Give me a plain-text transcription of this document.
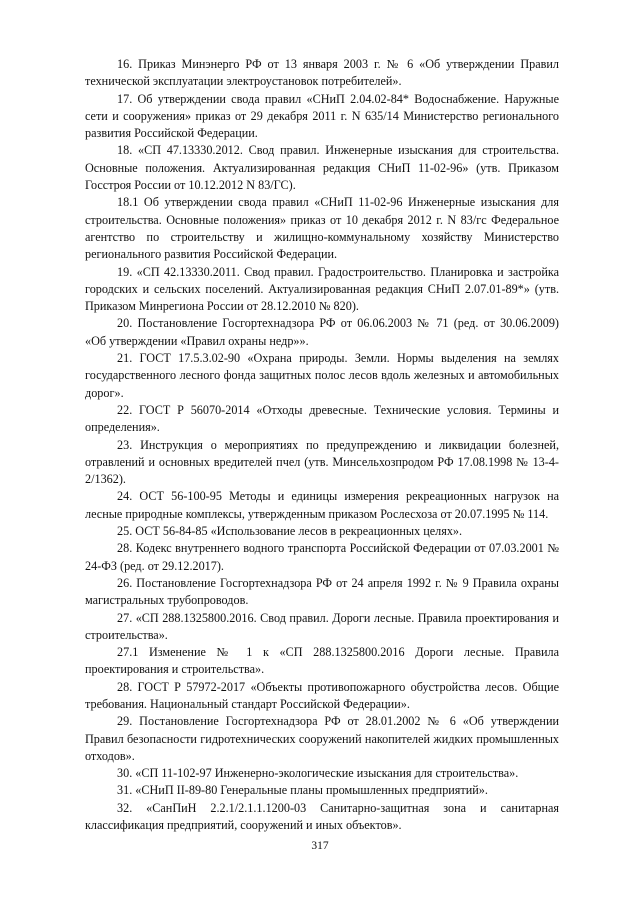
16. Приказ Минэнерго РФ от 13 января 2003 г. № 6 «Об утверждении Правил технической эксплуатации электроустановок потребителей».

17. Об утверждении свода правил «СНиП 2.04.02-84* Водоснабжение. Наружные сети и сооружения» приказ от 29 декабря 2011 г. N 635/14 Министерство регионального развития Российской Федерации.

18. «СП 47.13330.2012. Свод правил. Инженерные изыскания для строительства. Основные положения. Актуализированная редакция СНиП 11-02-96» (утв. Приказом Госстроя России от 10.12.2012 N 83/ГС).

18.1 Об утверждении свода правил «СНиП 11-02-96 Инженерные изыскания для строительства. Основные положения» приказ от 10 декабря 2012 г. N 83/гс Федеральное агентство по строительству и жилищно-коммунальному хозяйству Министерство регионального развития Российской Федерации.

19. «СП 42.13330.2011. Свод правил. Градостроительство. Планировка и застройка городских и сельских поселений. Актуализированная редакция СНиП 2.07.01-89*» (утв. Приказом Минрегиона России от 28.12.2010 № 820).

20. Постановление Госгортехнадзора РФ от 06.06.2003 № 71 (ред. от 30.06.2009) «Об утверждении «Правил охраны недр»».

21. ГОСТ 17.5.3.02-90 «Охрана природы. Земли. Нормы выделения на землях государственного лесного фонда защитных полос лесов вдоль железных и автомобильных дорог».

22. ГОСТ Р 56070-2014 «Отходы древесные. Технические условия. Термины и определения».

23. Инструкция о мероприятиях по предупреждению и ликвидации болезней, отравлений и основных вредителей пчел (утв. Минсельхозпродом РФ 17.08.1998 № 13-4-2/1362).

24. ОСТ 56-100-95 Методы и единицы измерения рекреационных нагрузок на лесные природные комплексы, утвержденным приказом Рослесхоза от 20.07.1995 № 114.

25. ОСТ 56-84-85 «Использование лесов в рекреационных целях».

28. Кодекс внутреннего водного транспорта Российской Федерации от 07.03.2001 № 24-ФЗ (ред. от 29.12.2017).

26. Постановление Госгортехнадзора РФ от 24 апреля 1992 г. № 9 Правила охраны магистральных трубопроводов.

27. «СП 288.1325800.2016. Свод правил. Дороги лесные. Правила проектирования и строительства».

27.1 Изменение № 1 к «СП 288.1325800.2016 Дороги лесные. Правила проектирования и строительства».

28. ГОСТ Р 57972-2017 «Объекты противопожарного обустройства лесов. Общие требования. Национальный стандарт Российской Федерации».

29. Постановление Госгортехнадзора РФ от 28.01.2002 № 6 «Об утверждении Правил безопасности гидротехнических сооружений накопителей жидких промышленных отходов».

30. «СП 11-102-97 Инженерно-экологические изыскания для строительства».

31. «СНиП II-89-80 Генеральные планы промышленных предприятий».

32. «СанПиН 2.2.1/2.1.1.1200-03 Санитарно-защитная зона и санитарная классификация предприятий, сооружений и иных объектов».

317
